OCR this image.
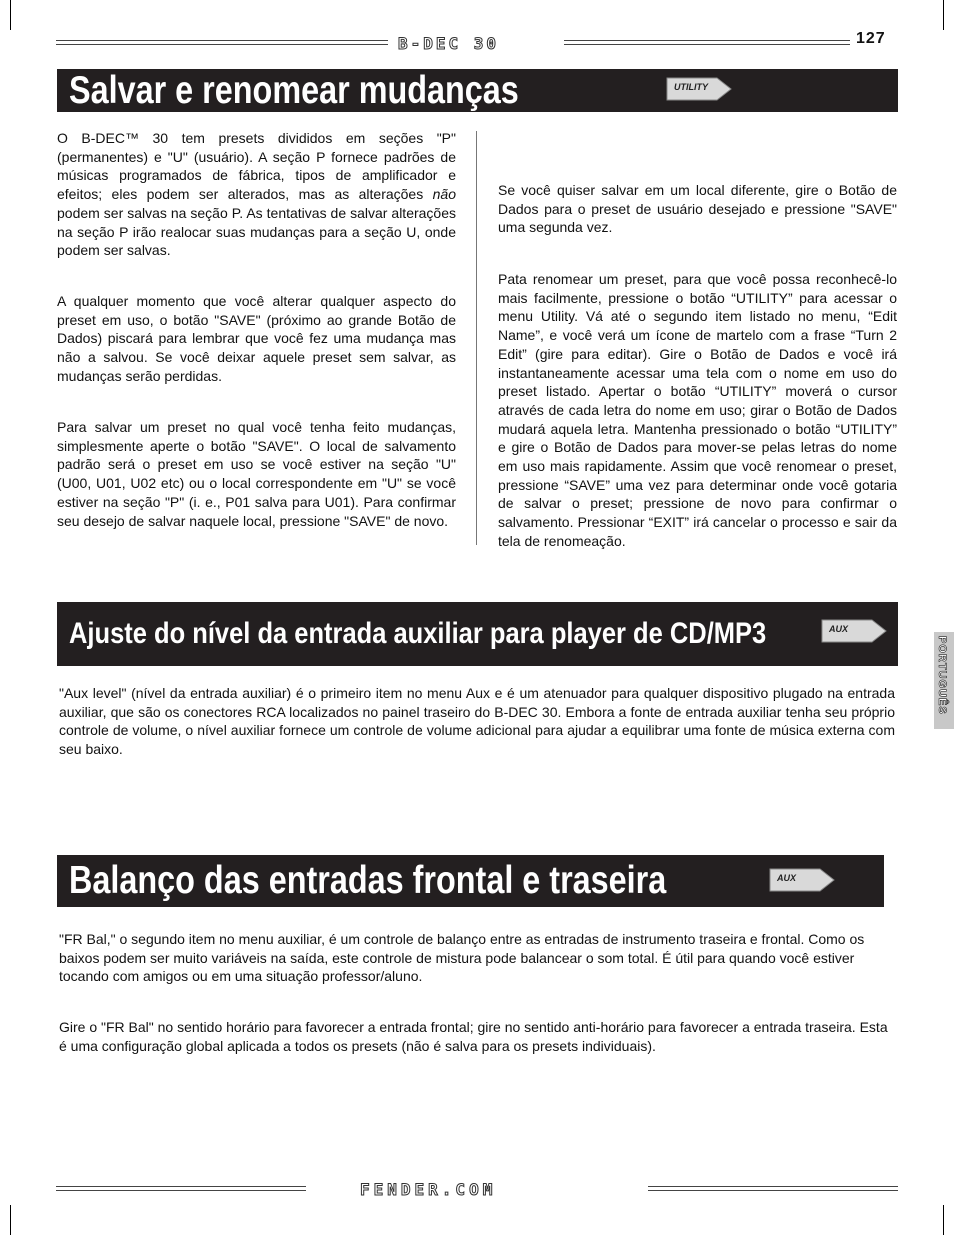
B-DEC 30	127
Salvar e renomear mudanças	UTILITY
O B-DEC™ 30 tem presets divididos em seções "P" (permanentes) e "U" (usuário). A seção P fornece padrões de músicas programados de fábrica, tipos de amplificador e efeitos; eles podem ser alterados, mas as alterações não podem ser salvas na seção P. As tentativas de salvar alterações na seção P irão realocar suas mudanças para a seção U, onde podem ser salvas.

A qualquer momento que você alterar qualquer aspecto do preset em uso, o botão "SAVE" (próximo ao grande Botão de Dados) piscará para lembrar que você fez uma mudança mas não a salvou. Se você deixar aquele preset sem salvar, as mudanças serão perdidas.

Para salvar um preset no qual você tenha feito mudanças, simplesmente aperte o botão "SAVE". O local de salvamento padrão será o preset em uso se você estiver na seção "U" (U00, U01, U02 etc) ou o local correspondente em "U" se você estiver na seção "P" (i. e., P01 salva para U01). Para confirmar seu desejo de salvar naquele local, pressione "SAVE" de novo.

Se você quiser salvar em um local diferente, gire o Botão de Dados para o preset de usuário desejado e pressione "SAVE" uma segunda vez.

Pata renomear um preset, para que você possa reconhecê-lo mais facilmente, pressione o botão “UTILITY” para acessar o menu Utility. Vá até o segundo item listado no menu, “Edit Name”, e você verá um ícone de martelo com a frase “Turn 2 Edit” (gire para editar). Gire o Botão de Dados e você irá instantaneamente acessar uma tela com o nome em uso do preset listado. Apertar o botão “UTILITY” moverá o cursor através de cada letra do nome em uso; girar o Botão de Dados mudará aquela letra. Mantenha pressionado o botão “UTILITY” e gire o Botão de Dados para mover-se pelas letras do nome em uso mais rapidamente. Assim que você renomear o preset, pressione “SAVE” uma vez para determinar onde você gotaria de salvar o preset; pressione de novo para confirmar o salvamento. Pressionar “EXIT” irá cancelar o processo e sair da tela de renomeação.

Ajuste do nível da entrada auxiliar para player de CD/MP3	AUX

"Aux level" (nível da entrada auxiliar) é o primeiro item no menu Aux e é um atenuador para qualquer dispositivo plugado na entrada auxiliar, que são os conectores RCA localizados no painel traseiro do B-DEC 30. Embora a fonte de entrada auxiliar tenha seu próprio controle de volume, o nível auxiliar fornece um controle de volume adicional para ajudar a equilibrar uma fonte de música externa com seu baixo.

PORTUGUÊS
Balanço das entradas frontal e traseira	AUX

"FR Bal," o segundo item no menu auxiliar, é um controle de balanço entre as entradas de instrumento traseira e frontal. Como os baixos podem ser muito variáveis na saída, este controle de mistura pode balancear o som total. É útil para quando você estiver tocando com amigos ou em uma situação professor/aluno.

Gire o "FR Bal" no sentido horário para favorecer a entrada frontal; gire no sentido anti-horário para favorecer a entrada traseira. Esta é uma configuração global aplicada a todos os presets (não é salva para os presets individuais).

FENDER.COM
